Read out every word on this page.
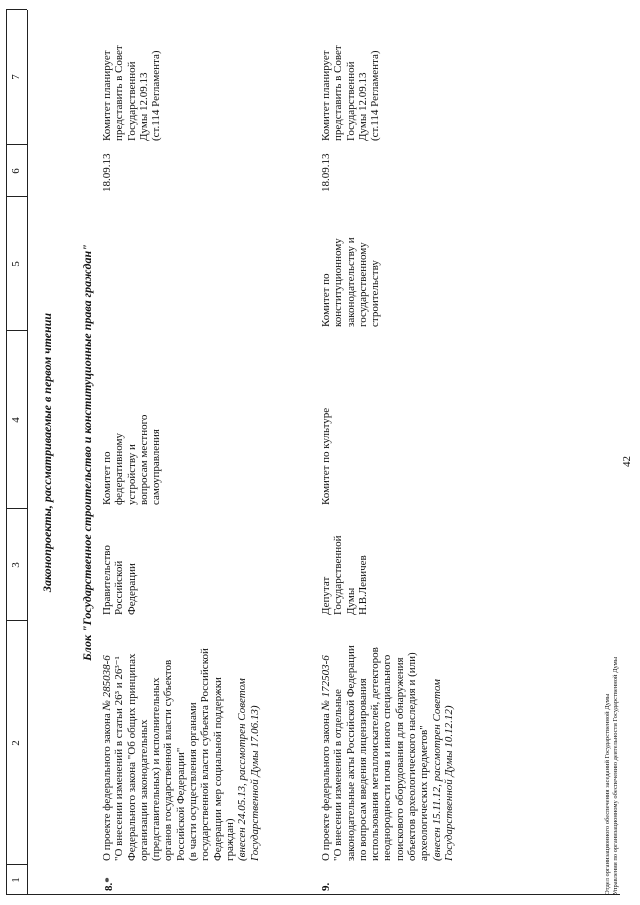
1
2
3
4
5
6
7
Законопроекты, рассматриваемые в первом чтении Блок "Государственное строительство и конституционные права граждан"
8.*
О проекте федерального закона № 285038-6 "О внесении изменений в статьи 26³ и 26³⁻¹ Федерального закона "Об общих принципах организации законодательных (представительных) и исполнительных органов государственной власти субъектов Российской Федерации" (в части осуществления органами государственной власти субъекта Российской Федерации мер социальной поддержки граждан) (внесен 24.05.13, рассмотрен Советом Государственной Думы 17.06.13)
Правительство Российской Федерации
Комитет по федеративному устройству и вопросам местного самоуправления
18.09.13
Комитет планирует представить в Совет Государственной Думы 12.09.13 (ст.114 Регламента)
9.
О проекте федерального закона № 172503-6
"О внесении изменений в отдельные законодательные акты Российской Федерации по вопросам введения лицензирования использования металлоискателей, детекторов неоднородности почв и иного специального поискового оборудования для обнаружения объектов археологического наследия и (или) археологических предметов" (внесен 15.11.12, рассмотрен Советом Государственной Думы 10.12.12)
Депутат Государственной Думы Н.В.Левичев
Комитет по культуре
Комитет по конституционному законодательству и государственному строительству
18.09.13
Комитет планирует представить в Совет Государственной Думы 12.09.13 (ст.114 Регламента)
42
Отдел организационного обеспечения заседаний Государственной Думы Управления по организационному обеспечению деятельности Государственной Думы
